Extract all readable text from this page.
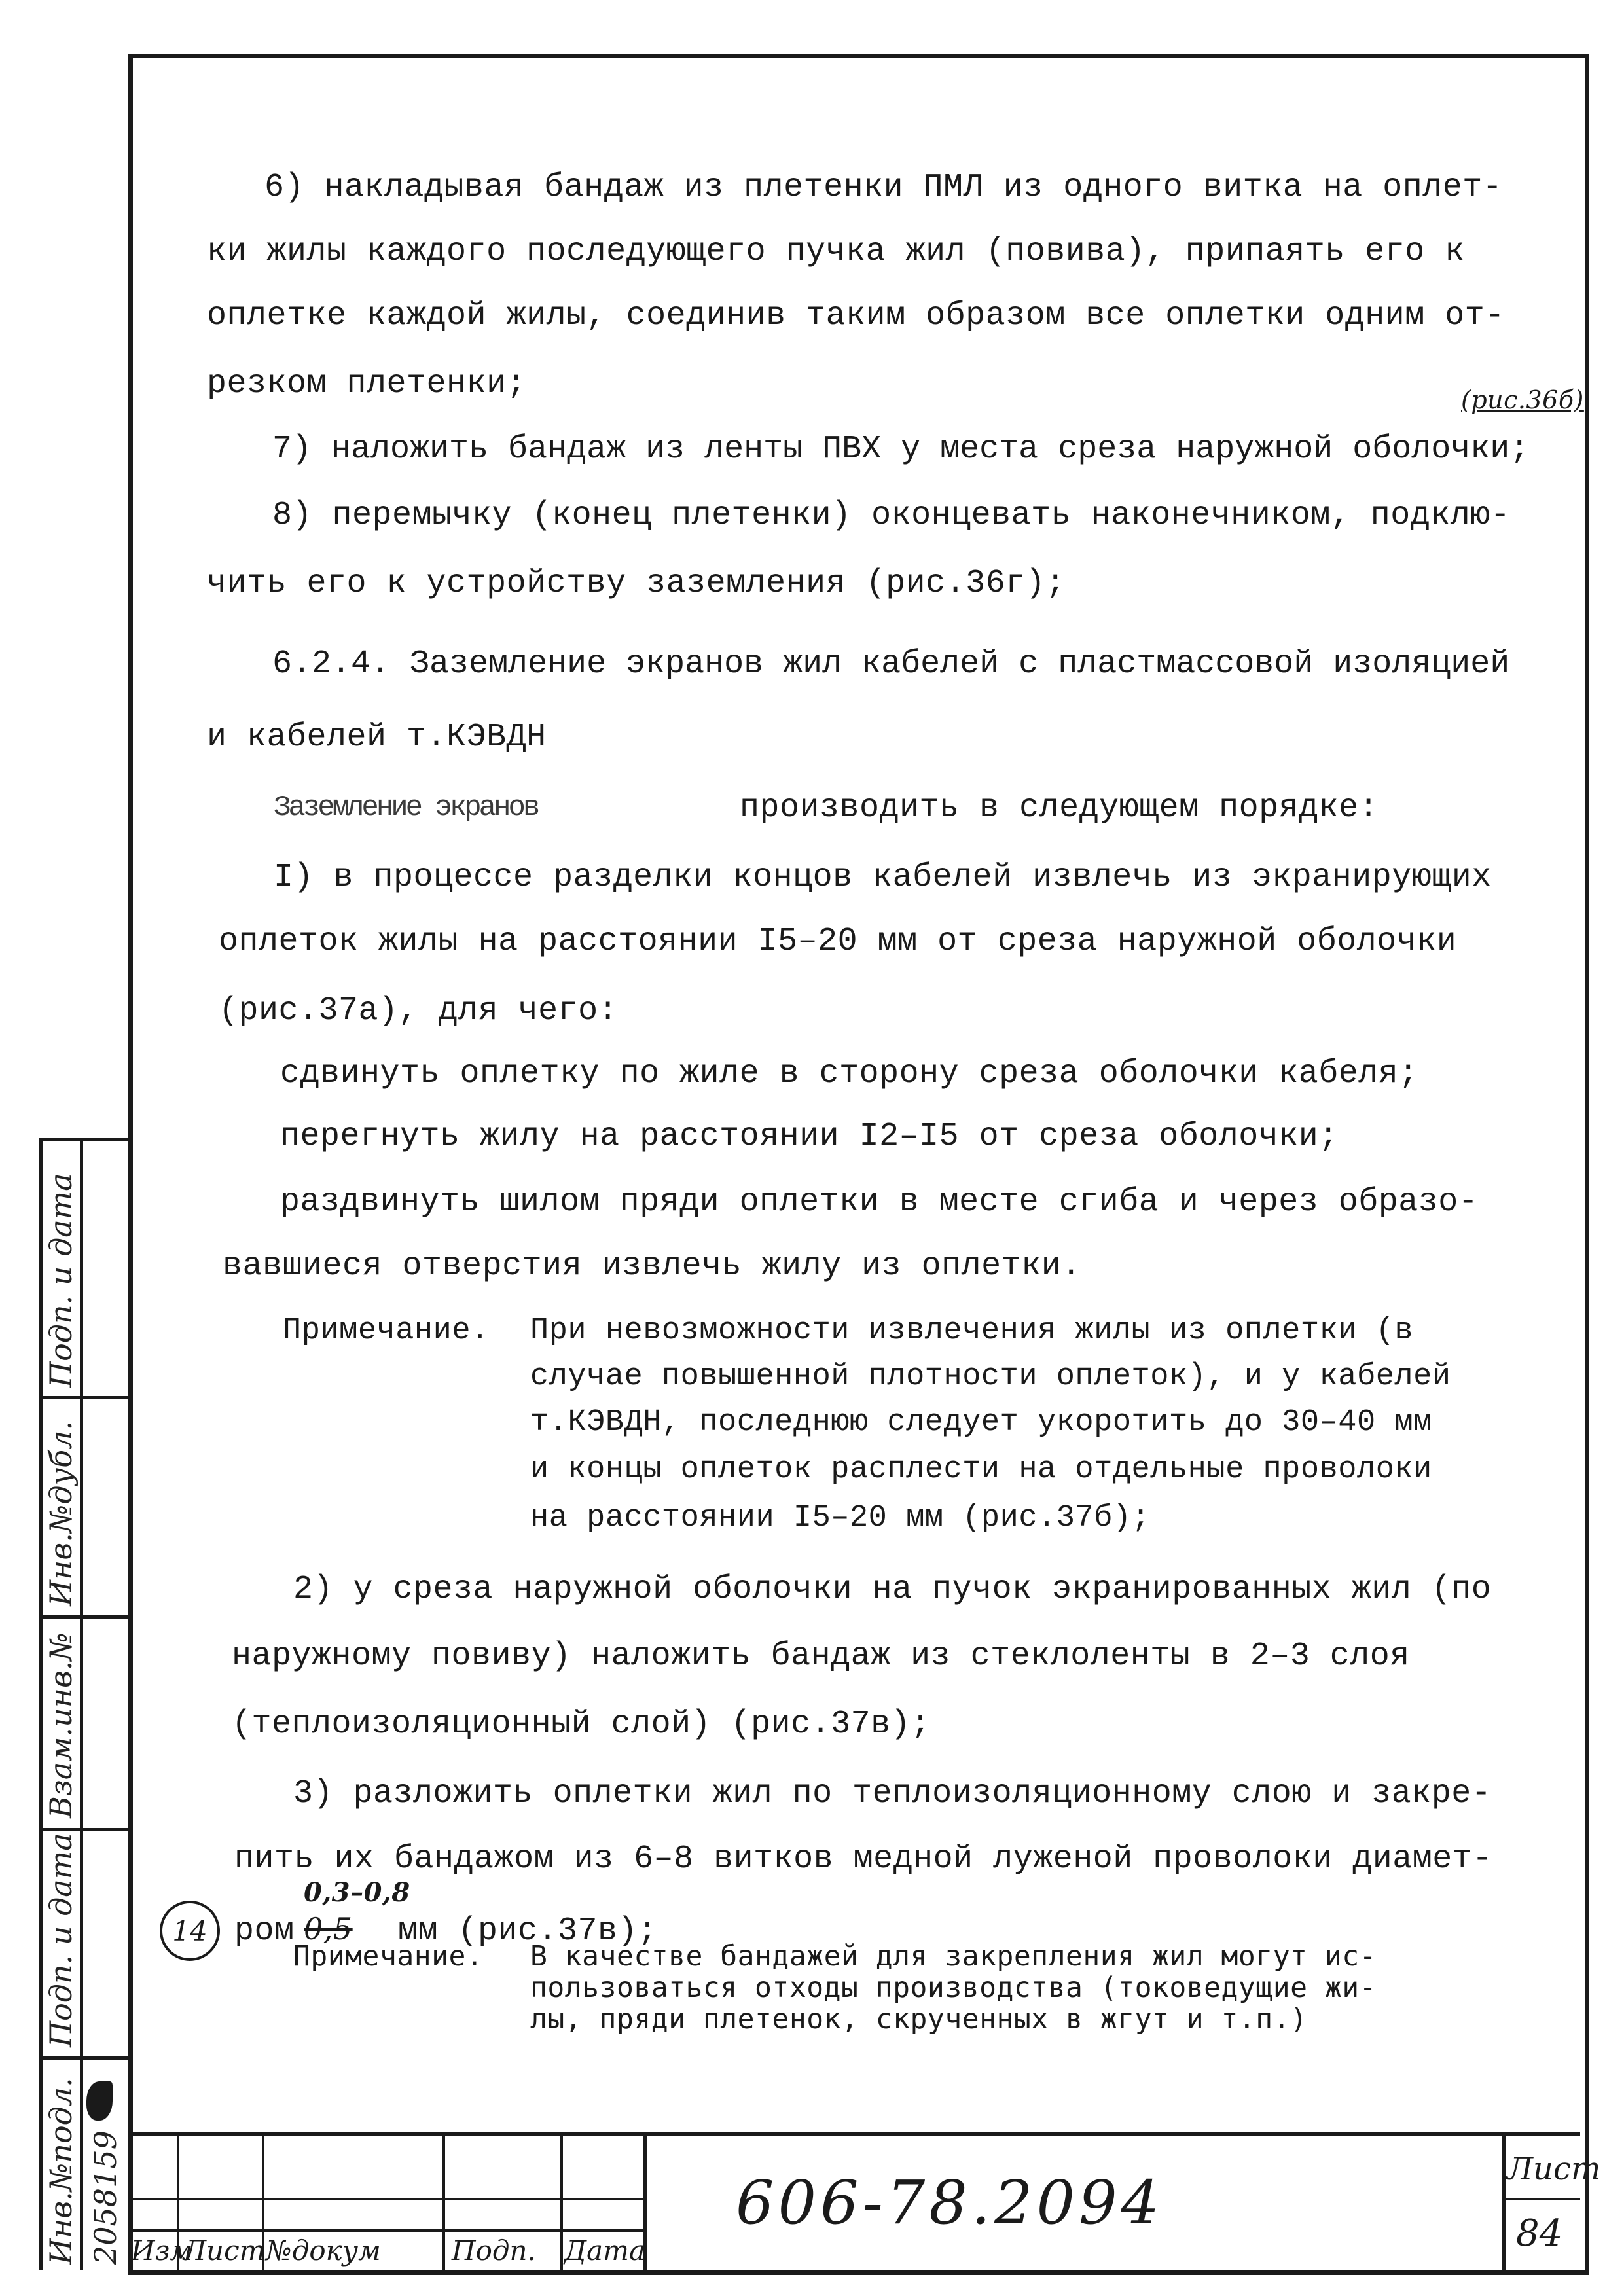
6) накладывая бандаж из плетенки ПМЛ из одного витка на оплет-
ки жилы каждого последующего пучка жил (повива), припаять его к
оплетке каждой жилы, соединив таким образом все оплетки одним от-
резком плетенки;	(рис.36б)
7) наложить бандаж из ленты ПВХ у места среза наружной оболочки;
8) перемычку (конец плетенки) оконцевать наконечником, подклю-
чить его к устройству заземления (рис.36г);
6.2.4. Заземление экранов жил кабелей с пластмассовой изоляцией
и кабелей т.КЭВДН
Заземление экранов	производить в следующем порядке:
I) в процессе разделки концов кабелей извлечь из экранирующих
оплеток жилы на расстоянии I5–20 мм от среза наружной оболочки
(рис.37а), для чего:
сдвинуть оплетку по жиле в сторону среза оболочки кабеля;
перегнуть жилу на расстоянии I2–I5 от среза оболочки;
раздвинуть шилом пряди оплетки в месте сгиба и через образо-
вавшиеся отверстия извлечь жилу из оплетки.
Примечание. При невозможности извлечения жилы из оплетки (в
случае повышенной плотности оплеток), и у кабелей
т.КЭВДН, последнюю следует укоротить до 30–40 мм
и концы оплеток расплести на отдельные проволоки
на расстоянии I5–20 мм (рис.37б);
2) у среза наружной оболочки на пучок экранированных жил (по
наружному повиву) наложить бандаж из стеклоленты в 2–3 слоя
(теплоизоляционный слой) (рис.37в);
3) разложить оплетки жил по теплоизоляционному слою и закре-
пить их бандажом из 6–8 витков медной луженой проволоки диамет-
14 ром
0,3–0,8
0,5 мм (рис.37в);
Примечание. В качестве бандажей для закрепления жил могут ис-
пользоваться отходы производства (токоведущие жи-
лы, пряди плетенок, скрученных в жгут и т.п.)
Инв.№подл.
Подп. и дата
Взам.инв.№
Инв.№дубл.
Подп. и дата
2058159 Изм
Лист №докум	Подп. Дата
606-78.2094	Лист
84
